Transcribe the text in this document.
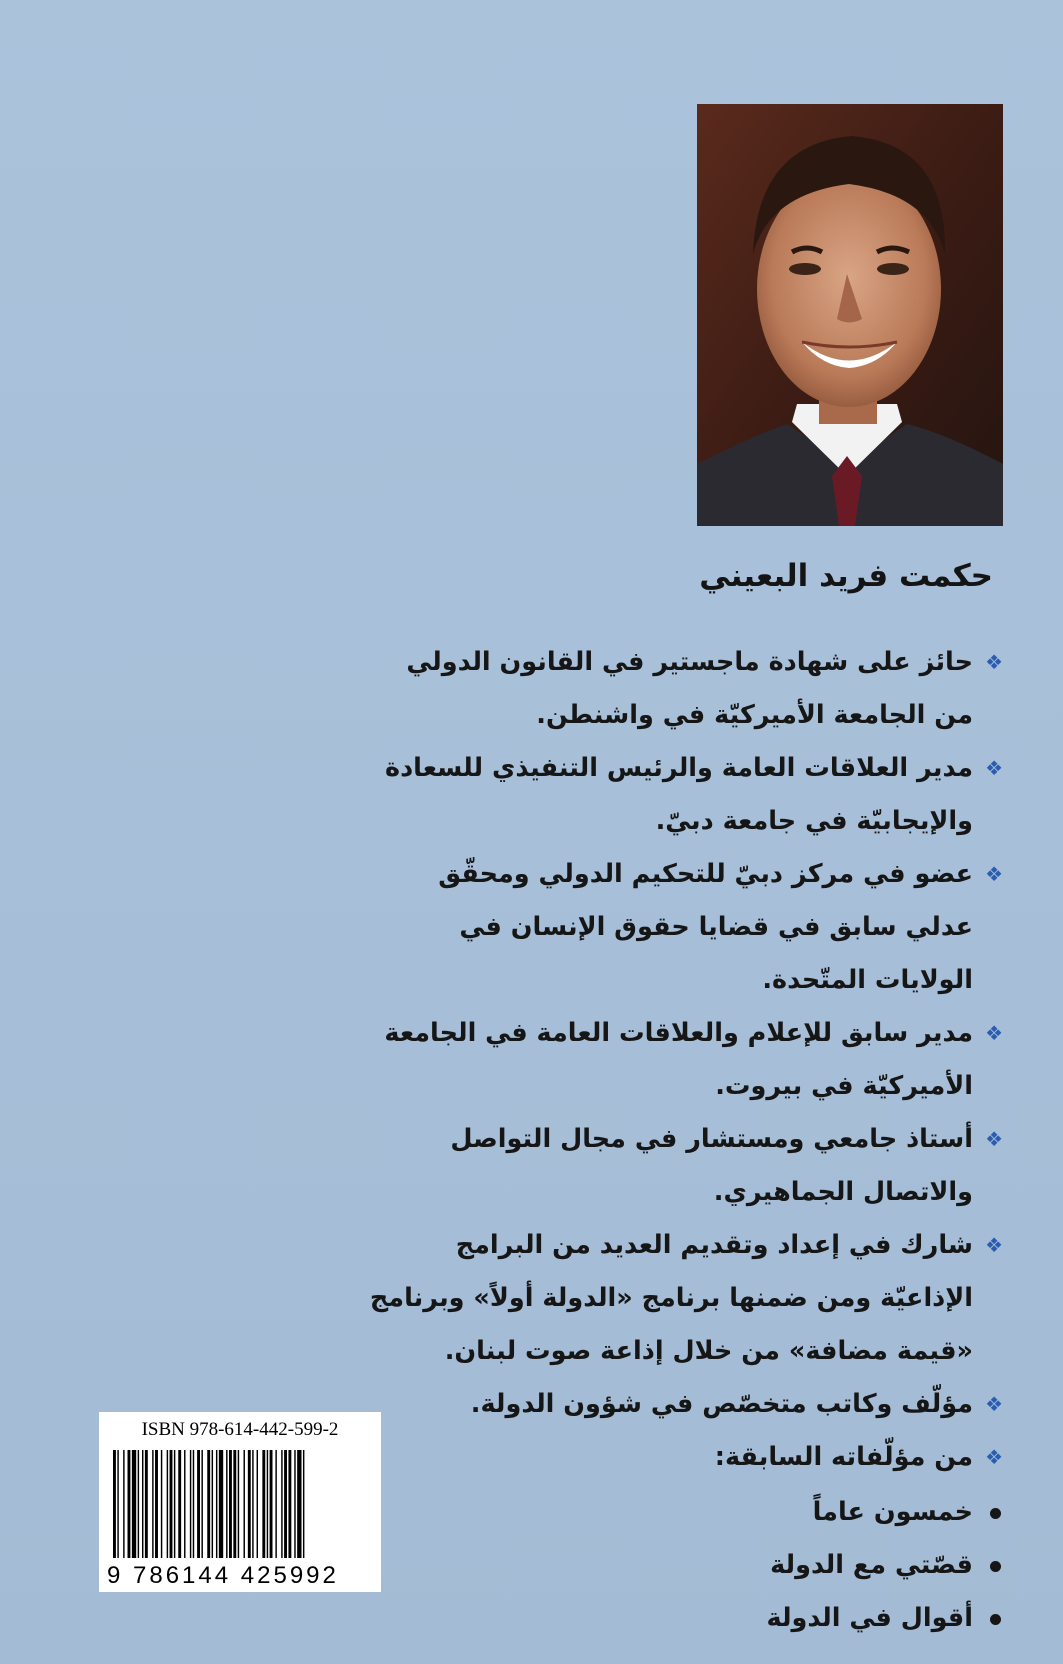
حكمت فريد البعيني
❖
حائز على شهادة ماجستير في القانون الدولي من الجامعة الأميركيّة في واشنطن.
❖
مدير العلاقات العامة والرئيس التنفيذي للسعادة والإيجابيّة في جامعة دبيّ.
❖
عضو في مركز دبيّ للتحكيم الدولي ومحقّق عدلي سابق في قضايا حقوق الإنسان في الولايات المتّحدة.
❖
مدير سابق للإعلام والعلاقات العامة في الجامعة الأميركيّة في بيروت.
❖
أستاذ جامعي ومستشار في مجال التواصل والاتصال الجماهيري.
❖
شارك في إعداد وتقديم العديد من البرامج الإذاعيّة ومن ضمنها برنامج «الدولة أولاً» وبرنامج «قيمة مضافة» من خلال إذاعة صوت لبنان.
❖
مؤلّف وكاتب متخصّص في شؤون الدولة.
❖
من مؤلّفاته السابقة:
خمسون عاماً
قصّتي مع الدولة
أقوال في الدولة
ISBN 978-614-442-599-2
9 786144 425992
